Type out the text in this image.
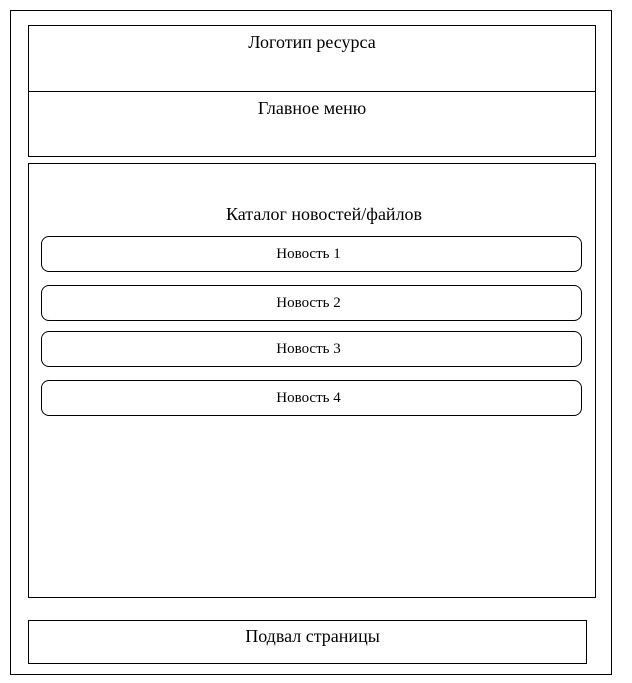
Логотип ресурса
Главное меню
Каталог новостей/файлов
Новость 1
Новость 2
Новость 3
Новость 4
Подвал страницы
